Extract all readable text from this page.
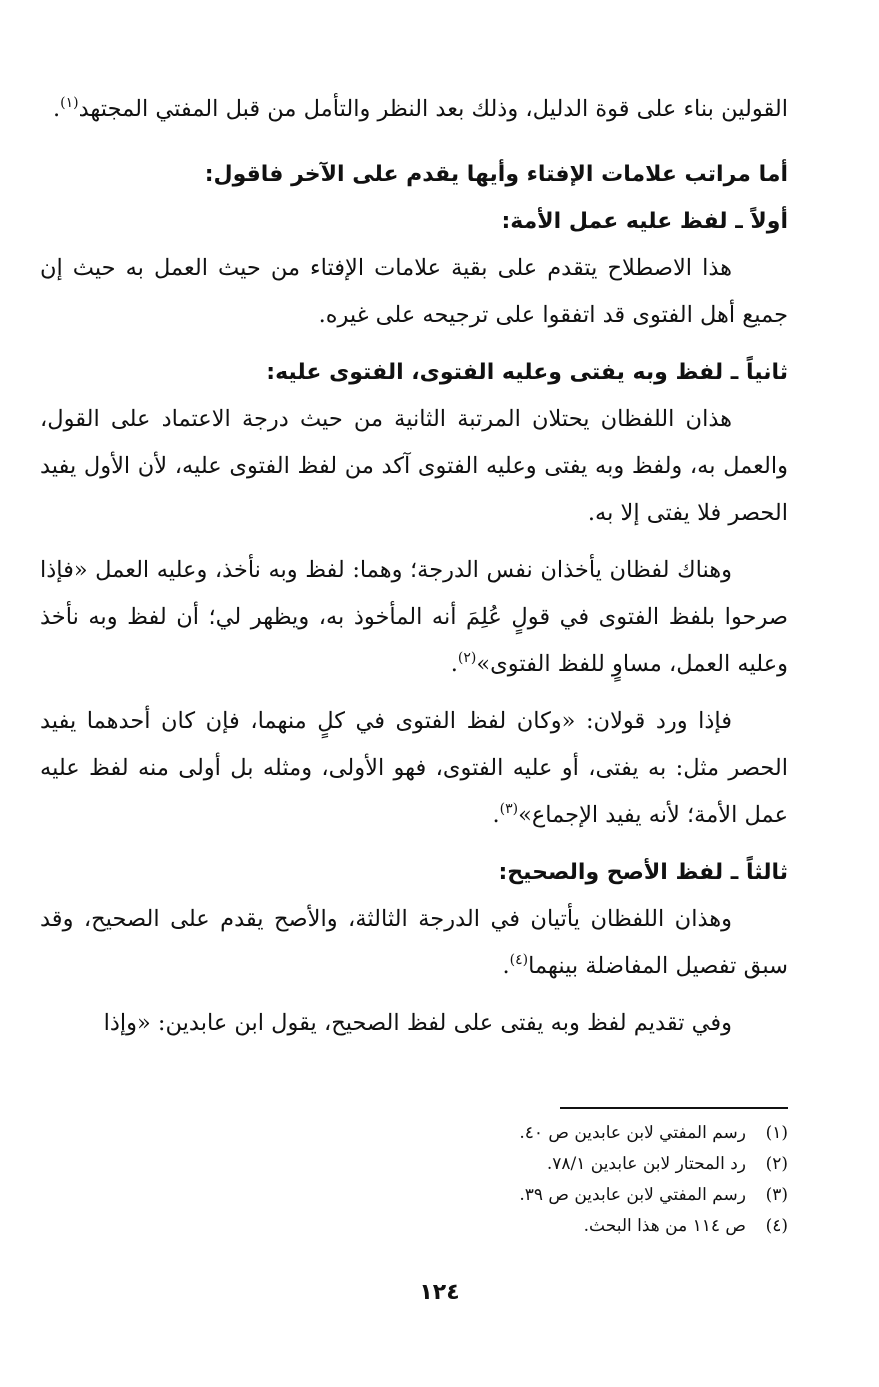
القولين بناء على قوة الدليل، وذلك بعد النظر والتأمل من قبل المفتي المجتهد$^{(١)}$.

أما مراتب علامات الإفتاء وأيها يقدم على الآخر فاقول:

أولاً ـ لفظ عليه عمل الأمة:

هذا الاصطلاح يتقدم على بقية علامات الإفتاء من حيث العمل به حيث إن جميع أهل الفتوى قد اتفقوا على ترجيحه على غيره.

ثانياً ـ لفظ وبه يفتى وعليه الفتوى، الفتوى عليه:

هذان اللفظان يحتلان المرتبة الثانية من حيث درجة الاعتماد على القول، والعمل به، ولفظ وبه يفتى وعليه الفتوى آكد من لفظ الفتوى عليه، لأن الأول يفيد الحصر فلا يفتى إلا به.

وهناك لفظان يأخذان نفس الدرجة؛ وهما: لفظ وبه نأخذ، وعليه العمل «فإذا صرحوا بلفظ الفتوى في قولٍ عُلِمَ أنه المأخوذ به، ويظهر لي؛ أن لفظ وبه نأخذ وعليه العمل، مساوٍ للفظ الفتوى»$^{(٢)}$.

فإذا ورد قولان: «وكان لفظ الفتوى في كلٍ منهما، فإن كان أحدهما يفيد الحصر مثل: به يفتى، أو عليه الفتوى، فهو الأولى، ومثله بل أولى منه لفظ عليه عمل الأمة؛ لأنه يفيد الإجماع»$^{(٣)}$.

ثالثاً ـ لفظ الأصح والصحيح:

وهذان اللفظان يأتيان في الدرجة الثالثة، والأصح يقدم على الصحيح، وقد سبق تفصيل المفاضلة بينهما$^{(٤)}$.

وفي تقديم لفظ وبه يفتى على لفظ الصحيح، يقول ابن عابدين: «وإذا

(١)رسم المفتي لابن عابدين ص ٤٠.

(٢)رد المحتار لابن عابدين ٧٨/١.

(٣)رسم المفتي لابن عابدين ص ٣٩.

(٤)ص ١١٤ من هذا البحث.

١٢٤
